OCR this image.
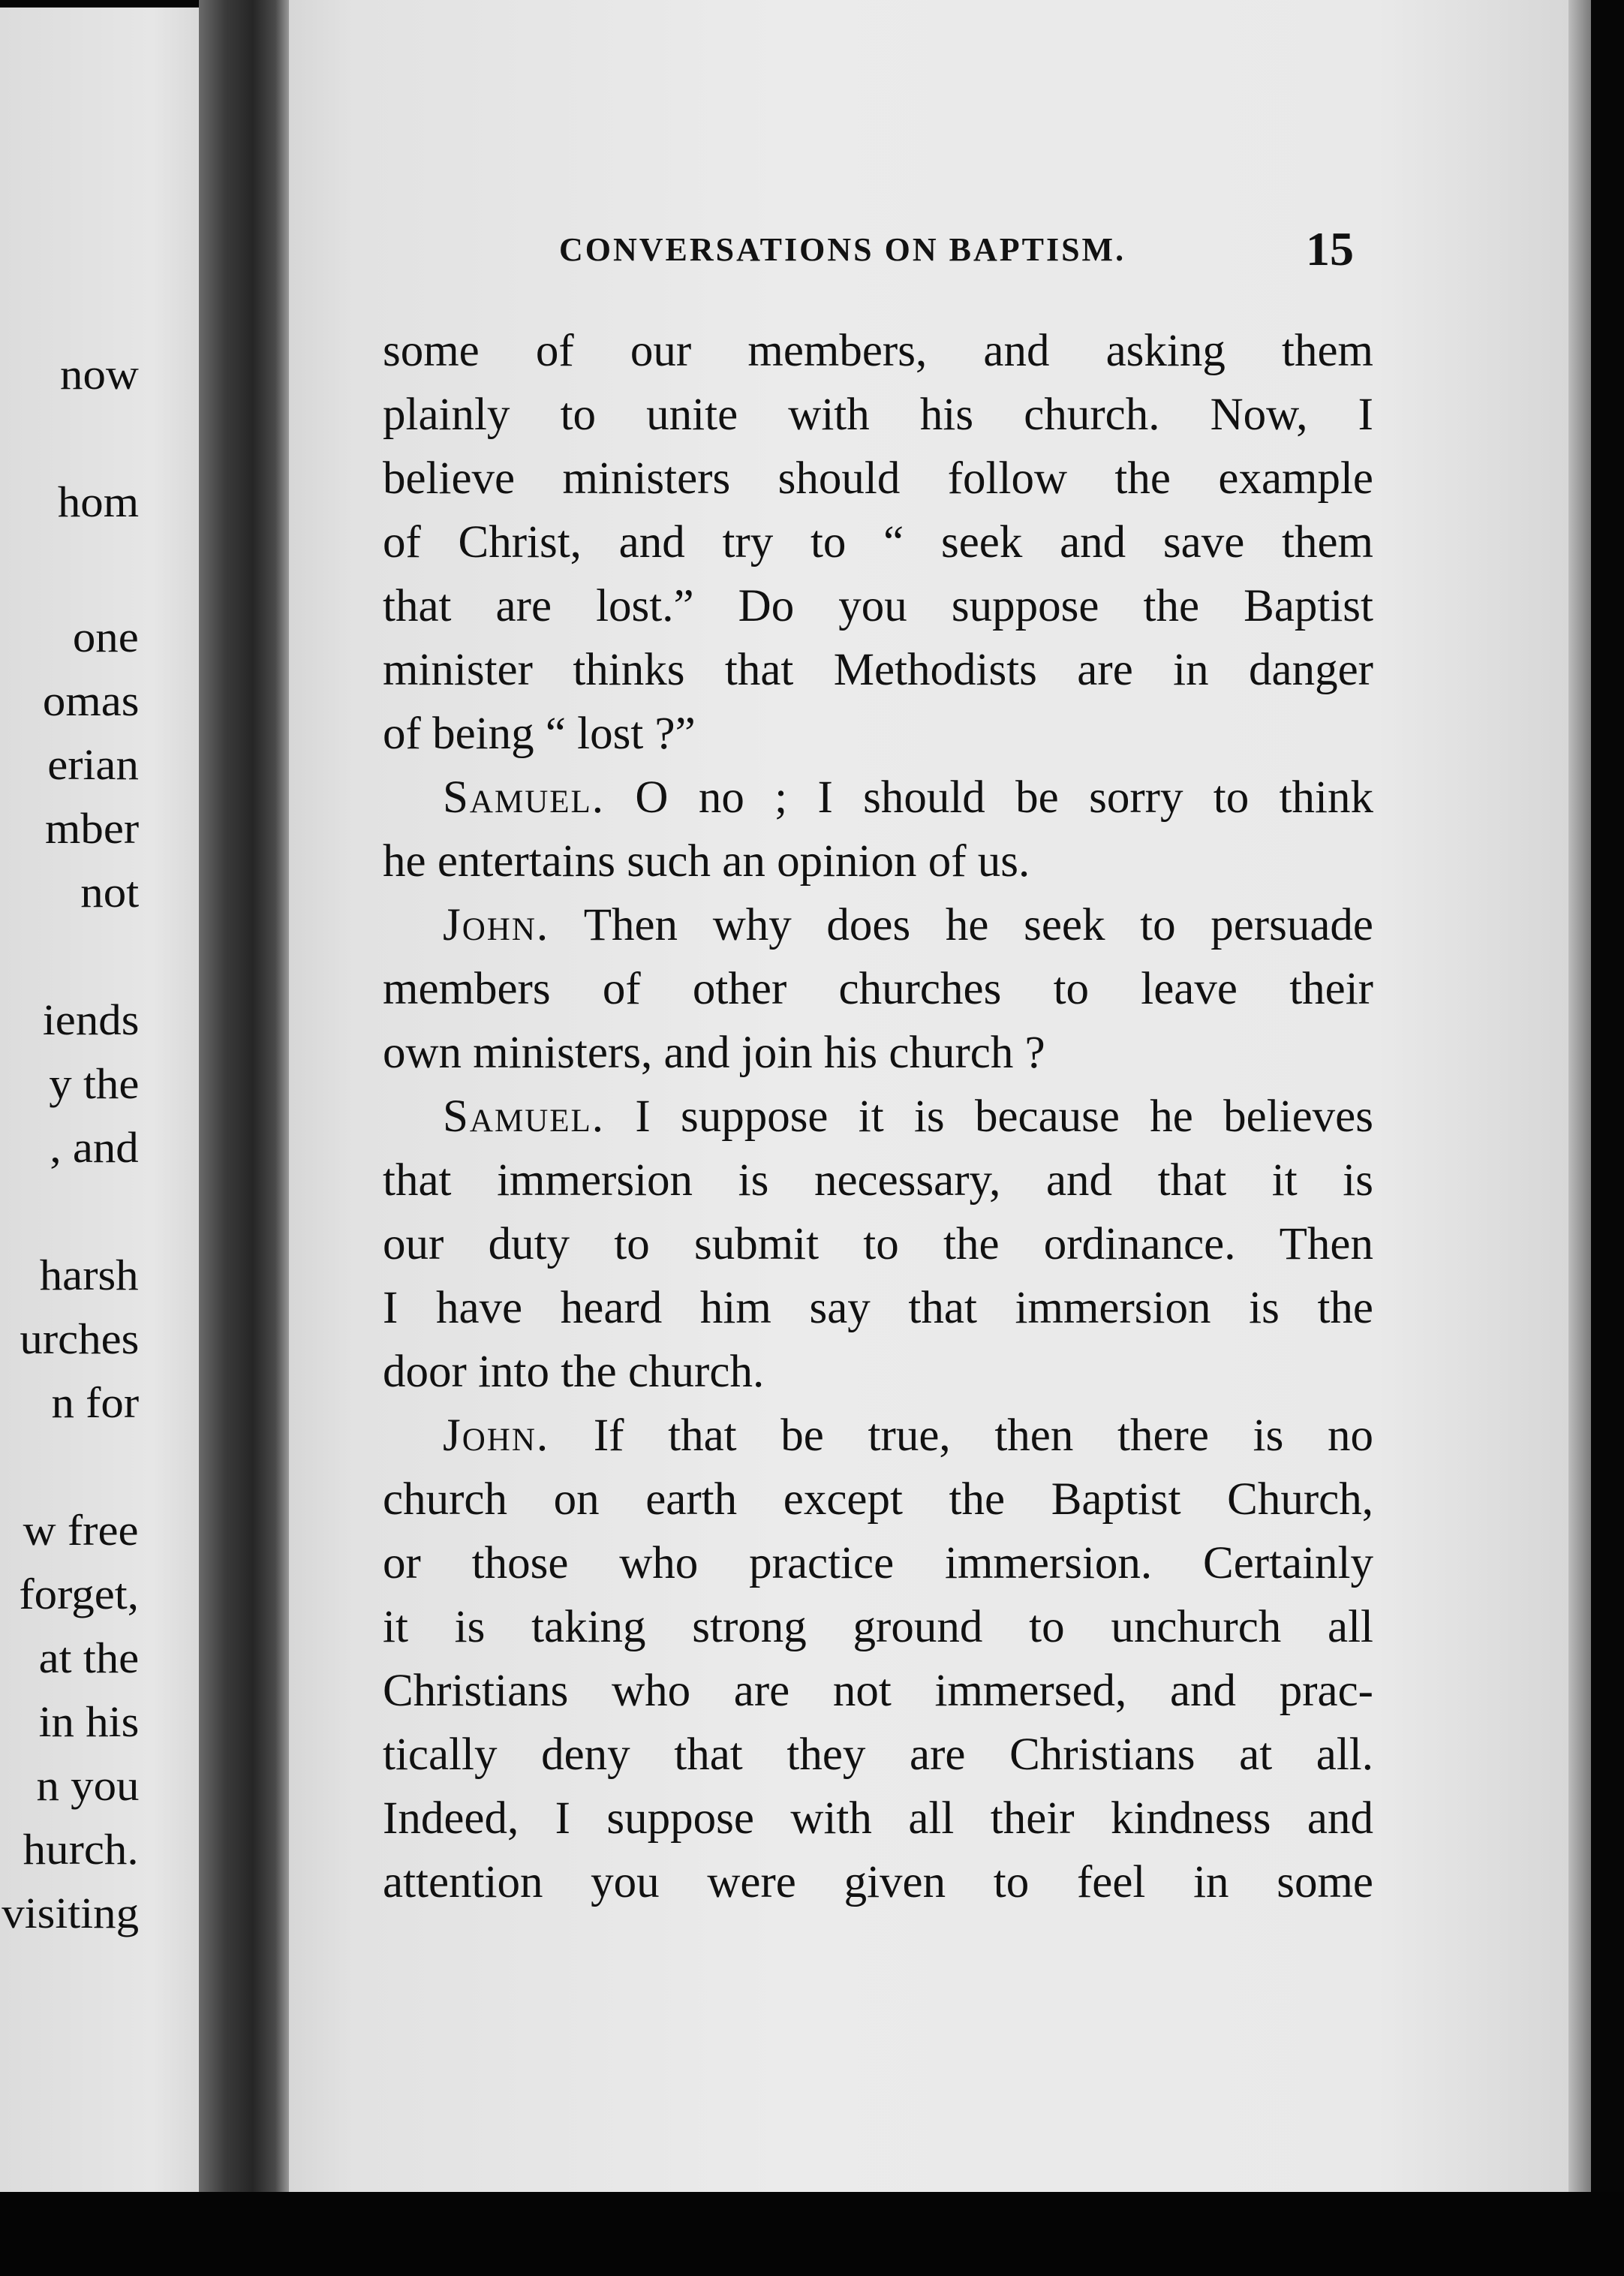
now
hom
one
omas
erian
mber
not
iends
y the
, and
harsh
urches
n for
w free
forget,
at the
in his
n you
hurch.
visiting
CONVERSATIONS ON BAPTISM.	15
some of our members, and asking them
plainly to unite with his church. Now, I
believe ministers should follow the example
of Christ, and try to “ seek and save them
that are lost.” Do you suppose the Baptist
minister thinks that Methodists are in danger
of being “ lost ?”
Samuel. O no ; I should be sorry to think
he entertains such an opinion of us.
John. Then why does he seek to persuade
members of other churches to leave their
own ministers, and join his church ?
Samuel. I suppose it is because he believes
that immersion is necessary, and that it is
our duty to submit to the ordinance. Then
I have heard him say that immersion is the
door into the church.
John. If that be true, then there is no
church on earth except the Baptist Church,
or those who practice immersion. Certainly
it is taking strong ground to unchurch all
Christians who are not immersed, and prac-
tically deny that they are Christians at all.
Indeed, I suppose with all their kindness and
attention you were given to feel in some
